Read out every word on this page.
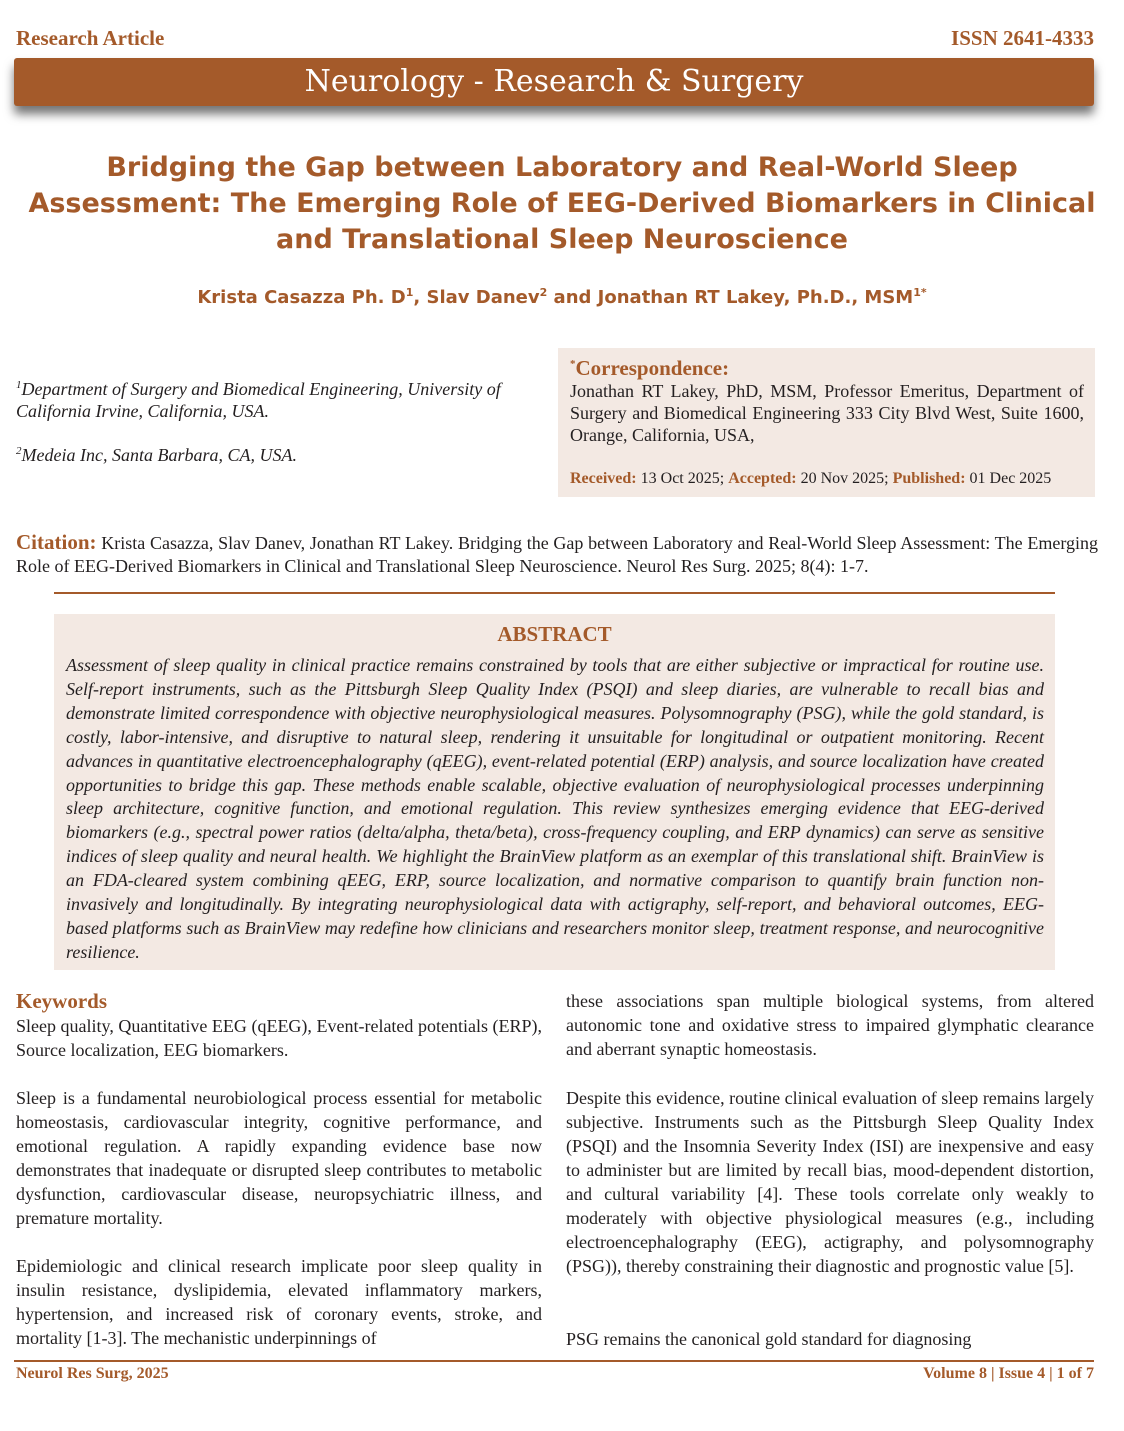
Research Article	ISSN 2641-4333
Neurology - Research & Surgery
Bridging the Gap between Laboratory and Real-World Sleep Assessment: The Emerging Role of EEG-Derived Biomarkers in Clinical and Translational Sleep Neuroscience
Krista Casazza Ph. $D^1$, Slav Danev$^2$ and Jonathan RT Lakey, Ph.D., $MSM^{1*}$
$^1$Department of Surgery and Biomedical Engineering, University of California Irvine, California, USA.
$^2$Medeia Inc, Santa Barbara, CA, USA.
*Correspondence:
Jonathan RT Lakey, PhD, MSM, Professor Emeritus, Department of Surgery and Biomedical Engineering 333 City Blvd West, Suite 1600, Orange, California, USA,
Received: 13 Oct 2025; Accepted: 20 Nov 2025; Published: 01 Dec 2025
Citation: Krista Casazza, Slav Danev, Jonathan RT Lakey. Bridging the Gap between Laboratory and Real-World Sleep Assessment: The Emerging Role of EEG-Derived Biomarkers in Clinical and Translational Sleep Neuroscience. Neurol Res Surg. 2025; 8(4): 1-7.
ABSTRACT
Assessment of sleep quality in clinical practice remains constrained by tools that are either subjective or impractical for routine use. Self-report instruments, such as the Pittsburgh Sleep Quality Index (PSQI) and sleep diaries, are vulnerable to recall bias and demonstrate limited correspondence with objective neurophysiological measures. Polysomnography (PSG), while the gold standard, is costly, labor-intensive, and disruptive to natural sleep, rendering it unsuitable for longitudinal or outpatient monitoring. Recent advances in quantitative electroencephalography (qEEG), event-related potential (ERP) analysis, and source localization have created opportunities to bridge this gap. These methods enable scalable, objective evaluation of neurophysiological processes underpinning sleep architecture, cognitive function, and emotional regulation. This review synthesizes emerging evidence that EEG-derived biomarkers (e.g., spectral power ratios (delta/alpha, theta/beta), cross-frequency coupling, and ERP dynamics) can serve as sensitive indices of sleep quality and neural health. We highlight the BrainView platform as an exemplar of this translational shift. BrainView is an FDA-cleared system combining qEEG, ERP, source localization, and normative comparison to quantify brain function non-invasively and longitudinally. By integrating neurophysiological data with actigraphy, self-report, and behavioral outcomes, EEG-based platforms such as BrainView may redefine how clinicians and researchers monitor sleep, treatment response, and neurocognitive resilience.
Keywords
Sleep quality, Quantitative EEG (qEEG), Event-related potentials (ERP), Source localization, EEG biomarkers.
Sleep is a fundamental neurobiological process essential for metabolic homeostasis, cardiovascular integrity, cognitive performance, and emotional regulation. A rapidly expanding evidence base now demonstrates that inadequate or disrupted sleep contributes to metabolic dysfunction, cardiovascular disease, neuropsychiatric illness, and premature mortality.
Epidemiologic and clinical research implicate poor sleep quality in insulin resistance, dyslipidemia, elevated inflammatory markers, hypertension, and increased risk of coronary events, stroke, and mortality [1-3]. The mechanistic underpinnings of
these associations span multiple biological systems, from altered autonomic tone and oxidative stress to impaired glymphatic clearance and aberrant synaptic homeostasis.
Despite this evidence, routine clinical evaluation of sleep remains largely subjective. Instruments such as the Pittsburgh Sleep Quality Index (PSQI) and the Insomnia Severity Index (ISI) are inexpensive and easy to administer but are limited by recall bias, mood-dependent distortion, and cultural variability [4]. These tools correlate only weakly to moderately with objective physiological measures (e.g., including electroencephalography (EEG), actigraphy, and polysomnography (PSG)), thereby constraining their diagnostic and prognostic value [5].
PSG remains the canonical gold standard for diagnosing
Neurol Res Surg, 2025	Volume 8 | Issue 4 | 1 of 7
